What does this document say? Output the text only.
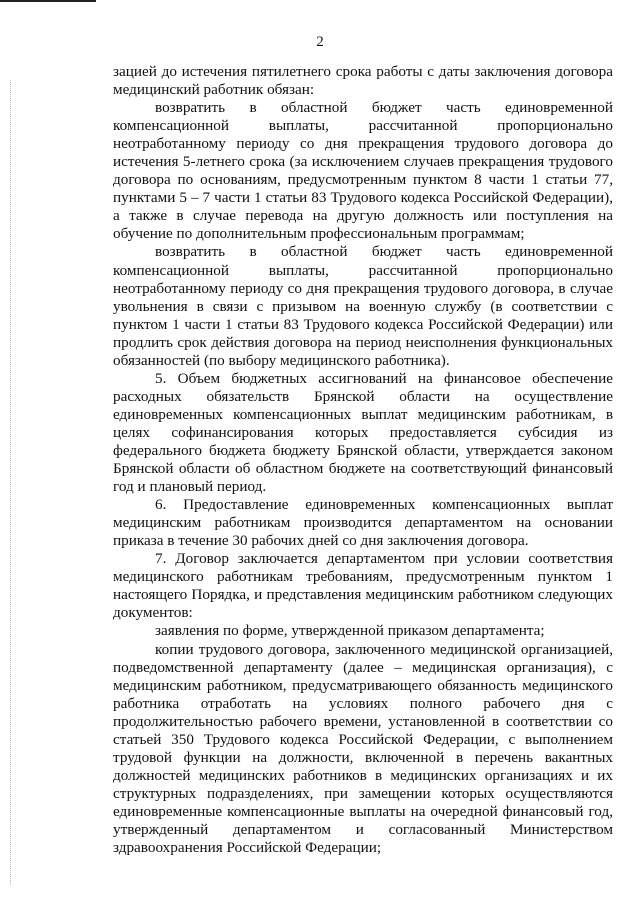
2

зацией до истечения пятилетнего срока работы с даты заключения договора медицинский работник обязан:

возвратить в областной бюджет часть единовременной компенсационной выплаты, рассчитанной пропорционально неотработанному периоду со дня прекращения трудового договора до истечения 5-летнего срока (за исключением случаев прекращения трудового договора по основаниям, предусмотренным пунктом 8 части 1 статьи 77, пунктами 5 – 7 части 1 статьи 83 Трудового кодекса Российской Федерации), а также в случае перевода на другую должность или поступления на обучение по дополнительным профессиональным программам;

возвратить в областной бюджет часть единовременной компенсационной выплаты, рассчитанной пропорционально неотработанному периоду со дня прекращения трудового договора, в случае увольнения в связи с призывом на военную службу (в соответствии с пунктом 1 части 1 статьи 83 Трудового кодекса Российской Федерации) или продлить срок действия договора на период неисполнения функциональных обязанностей (по выбору медицинского работника).

5. Объем бюджетных ассигнований на финансовое обеспечение расходных обязательств Брянской области на осуществление единовременных компенсационных выплат медицинским работникам, в целях софинансирования которых предоставляется субсидия из федерального бюджета бюджету Брянской области, утверждается законом Брянской области об областном бюджете на соответствующий финансовый год и плановый период.

6. Предоставление единовременных компенсационных выплат медицинским работникам производится департаментом на основании приказа в течение 30 рабочих дней со дня заключения договора.

7. Договор заключается департаментом при условии соответствия медицинского работникам требованиям, предусмотренным пунктом 1 настоящего Порядка, и представления медицинским работником следующих документов:

заявления по форме, утвержденной приказом департамента;

копии трудового договора, заключенного медицинской организацией, подведомственной департаменту (далее – медицинская организация), с медицинским работником, предусматривающего обязанность медицинского работника отработать на условиях полного рабочего дня с продолжительностью рабочего времени, установленной в соответствии со статьей 350 Трудового кодекса Российской Федерации, с выполнением трудовой функции на должности, включенной в перечень вакантных должностей медицинских работников в медицинских организациях и их структурных подразделениях, при замещении которых осуществляются единовременные компенсационные выплаты на очередной финансовый год, утвержденный департаментом и согласованный Министерством здравоохранения Российской Федерации;
